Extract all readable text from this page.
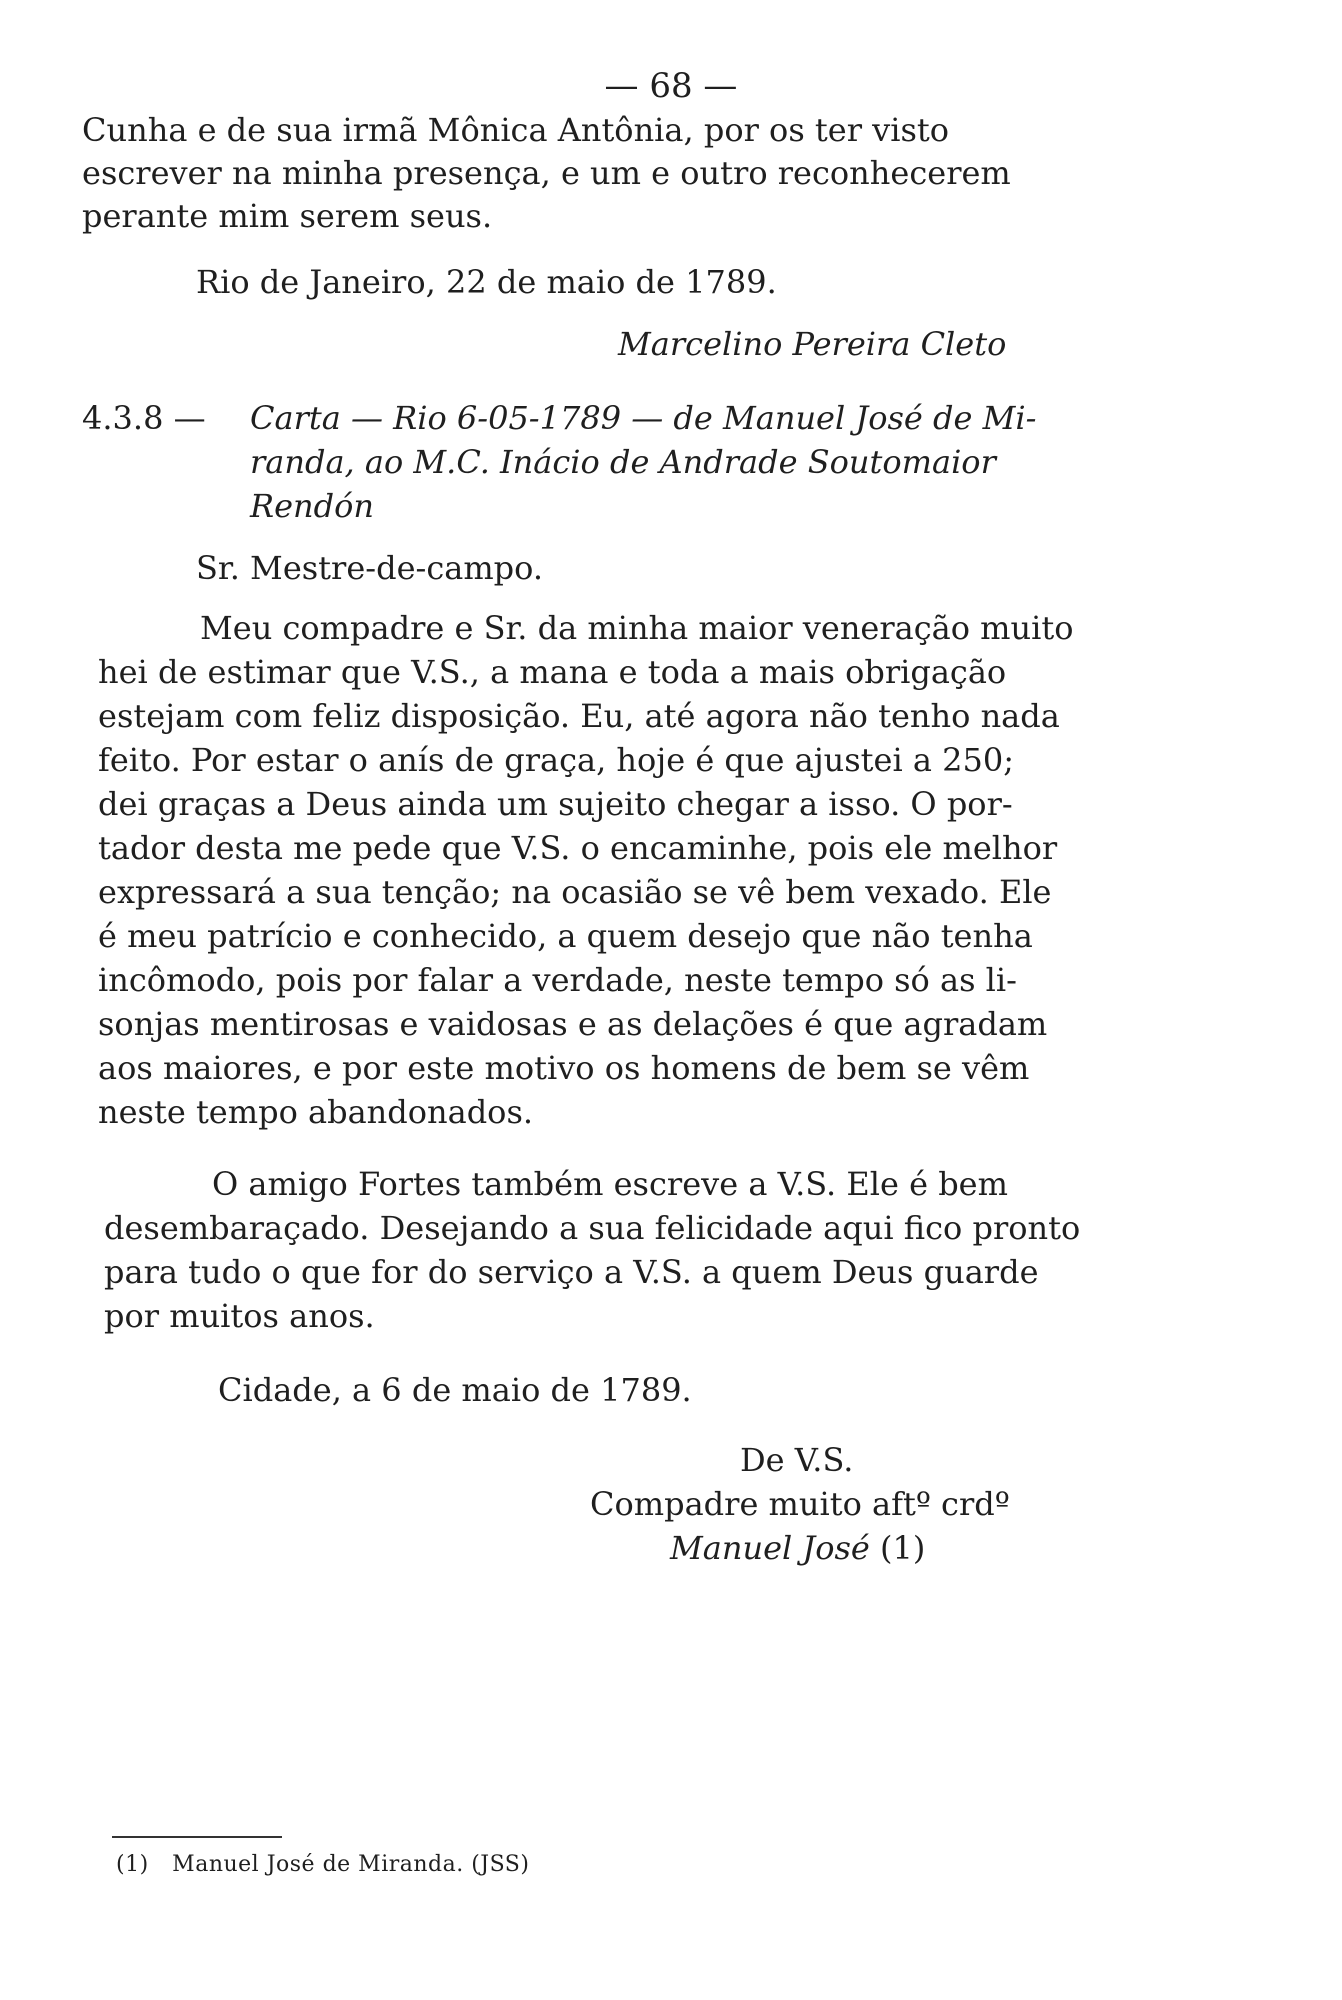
— 68 —
Cunha e de sua irmã Mônica Antônia, por os ter visto
escrever na minha presença, e um e outro reconhecerem
perante mim serem seus.
Rio de Janeiro, 22 de maio de 1789.
Marcelino Pereira Cleto
4.3.8 — Carta — Rio 6-05-1789 — de Manuel José de Mi-
randa, ao M.C. Inácio de Andrade Soutomaior
Rendón
Sr. Mestre-de-campo.
Meu compadre e Sr. da minha maior veneração muito
hei de estimar que V.S., a mana e toda a mais obrigação
estejam com feliz disposição. Eu, até agora não tenho nada
feito. Por estar o anís de graça, hoje é que ajustei a 250;
dei graças a Deus ainda um sujeito chegar a isso. O por-
tador desta me pede que V.S. o encaminhe, pois ele melhor
expressará a sua tenção; na ocasião se vê bem vexado. Ele
é meu patrício e conhecido, a quem desejo que não tenha
incômodo, pois por falar a verdade, neste tempo só as li-
sonjas mentirosas e vaidosas e as delações é que agradam
aos maiores, e por este motivo os homens de bem se vêm
neste tempo abandonados.
O amigo Fortes também escreve a V.S. Ele é bem
desembaraçado. Desejando a sua felicidade aqui fico pronto
para tudo o que for do serviço a V.S. a quem Deus guarde
por muitos anos.
Cidade, a 6 de maio de 1789.
De V.S.
Compadre muito aftº crdº
Manuel José (1)
(1) Manuel José de Miranda. (JSS)
